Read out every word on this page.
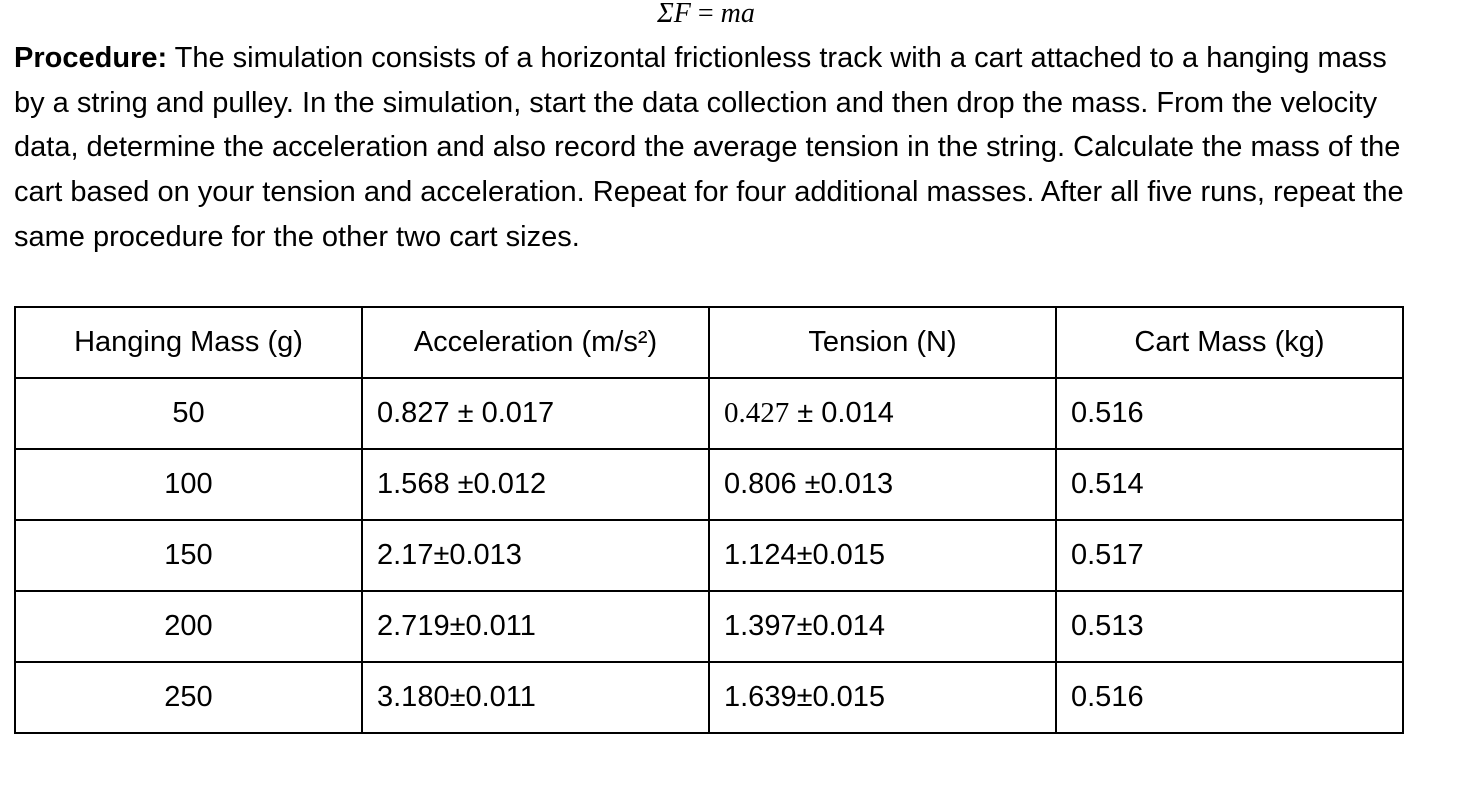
ΣF = ma

Procedure: The simulation consists of a horizontal frictionless track with a cart attached to a hanging mass by a string and pulley. In the simulation, start the data collection and then drop the mass. From the velocity data, determine the acceleration and also record the average tension in the string. Calculate the mass of the cart based on your tension and acceleration. Repeat for four additional masses. After all five runs, repeat the same procedure for the other two cart sizes.

Hanging Mass (g)	Acceleration (m/s²)	Tension (N)	Cart Mass (kg)
50	0.827 ± 0.017	0.427 ± 0.014	0.516
100	1.568 ±0.012	0.806 ±0.013	0.514
150	2.17±0.013	1.124±0.015	0.517
200	2.719±0.011	1.397±0.014	0.513
250	3.180±0.011	1.639±0.015	0.516
